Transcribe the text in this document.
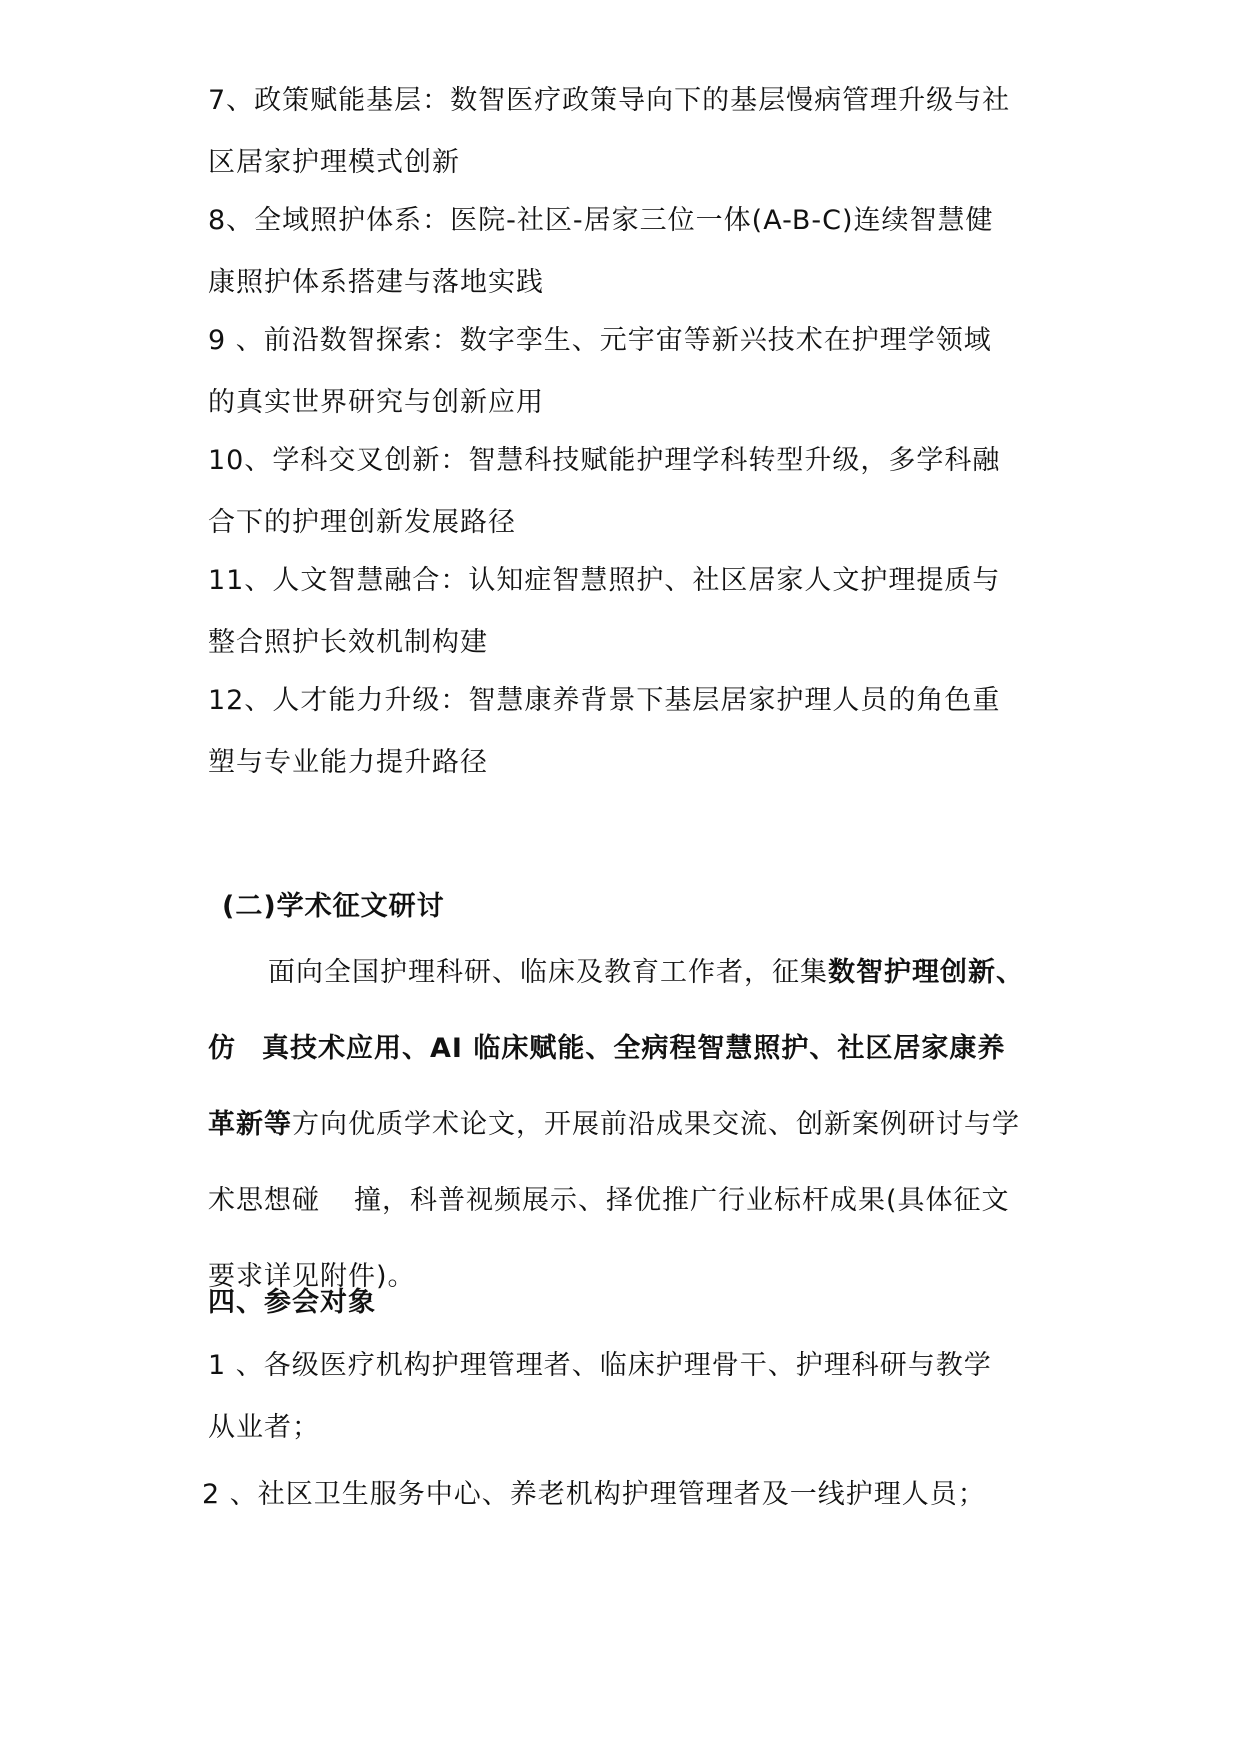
7、政策赋能基层：数智医疗政策导向下的基层慢病管理升级与社
区居家护理模式创新

8、全域照护体系：医院-社区-居家三位一体(A-B-C)连续智慧健
康照护体系搭建与落地实践

9 、前沿数智探索：数字孪生、元宇宙等新兴技术在护理学领域
的真实世界研究与创新应用

10、学科交叉创新：智慧科技赋能护理学科转型升级，多学科融
合下的护理创新发展路径

11、人文智慧融合：认知症智慧照护、社区居家人文护理提质与
整合照护长效机制构建

12、人才能力升级：智慧康养背景下基层居家护理人员的角色重
塑与专业能力提升路径

(二)学术征文研讨

面向全国护理科研、临床及教育工作者，征集数智护理创新、
仿 真技术应用、AI 临床赋能、全病程智慧照护、社区居家康养
革新等方向优质学术论文，开展前沿成果交流、创新案例研讨与学
术思想碰 撞，科普视频展示、择优推广行业标杆成果(具体征文
要求详见附件)。

四、参会对象

1 、各级医疗机构护理管理者、临床护理骨干、护理科研与教学
从业者；

2 、社区卫生服务中心、养老机构护理管理者及一线护理人员；
